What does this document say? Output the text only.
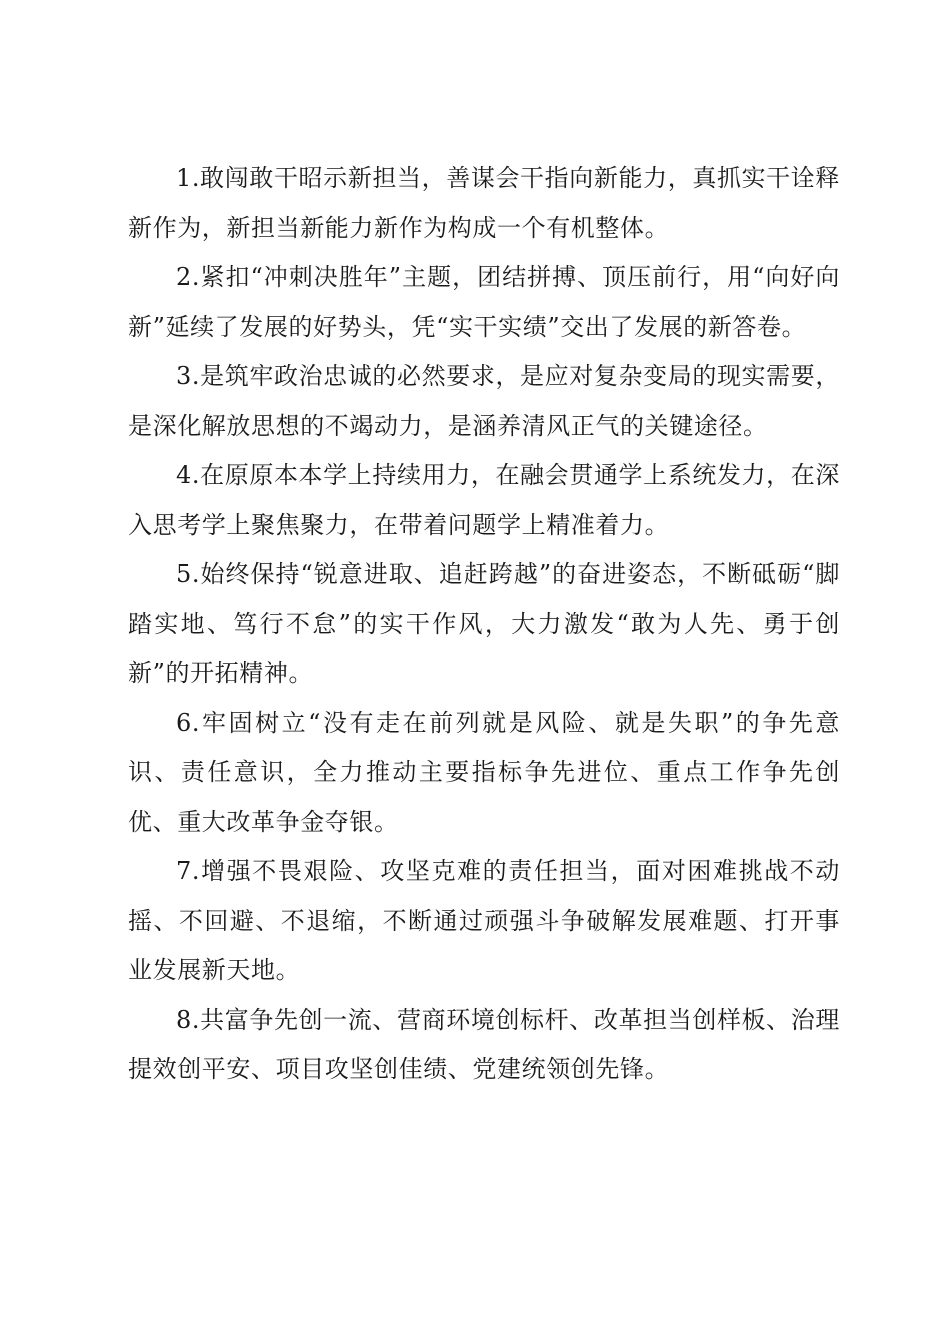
1.敢闯敢干昭示新担当，善谋会干指向新能力，真抓实干诠释新作为，新担当新能力新作为构成一个有机整体。

2.紧扣“冲刺决胜年”主题，团结拼搏、顶压前行，用“向好向新”延续了发展的好势头，凭“实干实绩”交出了发展的新答卷。

3.是筑牢政治忠诚的必然要求，是应对复杂变局的现实需要，是深化解放思想的不竭动力，是涵养清风正气的关键途径。

4.在原原本本学上持续用力，在融会贯通学上系统发力，在深入思考学上聚焦聚力，在带着问题学上精准着力。

5.始终保持“锐意进取、追赶跨越”的奋进姿态，不断砥砺“脚踏实地、笃行不怠”的实干作风，大力激发“敢为人先、勇于创新”的开拓精神。

6.牢固树立“没有走在前列就是风险、就是失职”的争先意识、责任意识，全力推动主要指标争先进位、重点工作争先创优、重大改革争金夺银。

7.增强不畏艰险、攻坚克难的责任担当，面对困难挑战不动摇、不回避、不退缩，不断通过顽强斗争破解发展难题、打开事业发展新天地。

8.共富争先创一流、营商环境创标杆、改革担当创样板、治理提效创平安、项目攻坚创佳绩、党建统领创先锋。
